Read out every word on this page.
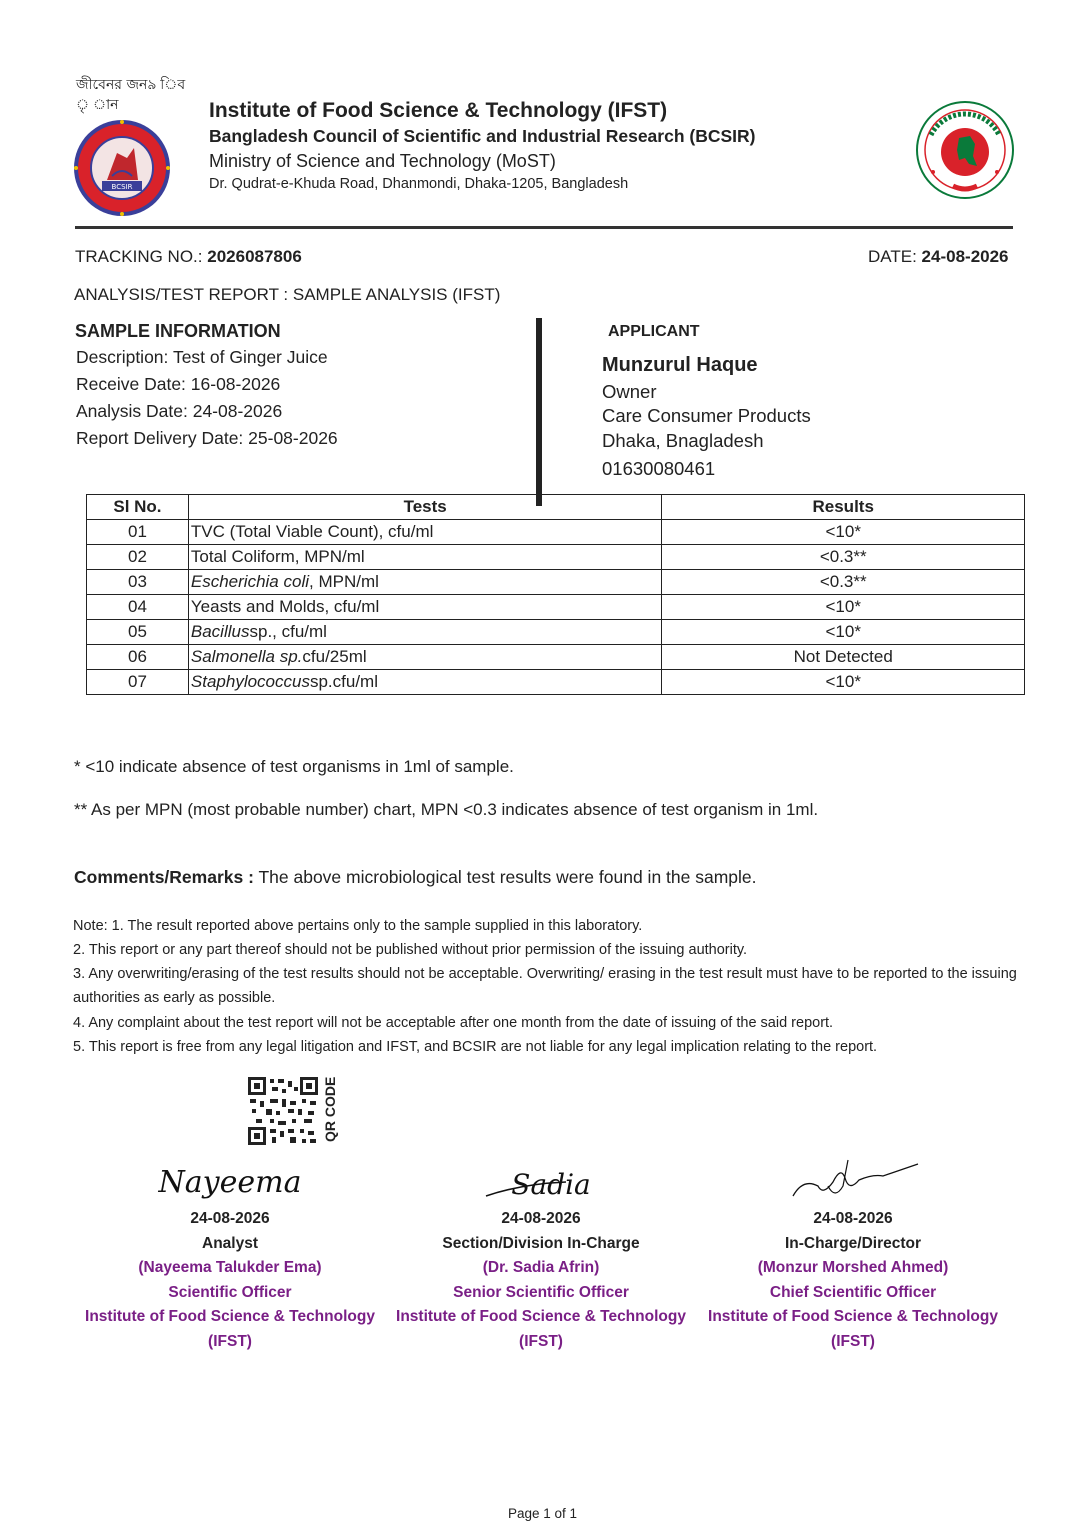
জীবেনর জন৯ িব ৃ ান
BCSIR
Institute of Food Science & Technology (IFST)
Bangladesh Council of Scientific and Industrial Research (BCSIR)
Ministry of Science and Technology (MoST)
Dr. Qudrat-e-Khuda Road, Dhanmondi, Dhaka-1205, Bangladesh
TRACKING NO.: 2026087806	DATE: 24-08-2026
ANALYSIS/TEST REPORT : SAMPLE ANALYSIS (IFST)
SAMPLE INFORMATION
Description: Test of Ginger Juice
Receive Date: 16-08-2026
Analysis Date: 24-08-2026
Report Delivery Date: 25-08-2026
APPLICANT
Munzurul Haque
Owner
Care Consumer Products
Dhaka, Bnagladesh
01630080461
Sl No.	Tests	Results
01	TVC (Total Viable Count), cfu/ml	<10*
02	Total Coliform, MPN/ml	<0.3**
03	Escherichia coli, MPN/ml	<0.3**
04	Yeasts and Molds, cfu/ml	<10*
05	Bacillussp., cfu/ml	<10*
06	Salmonella sp.cfu/25ml	Not Detected
07	Staphylococcussp.cfu/ml	<10*
* <10 indicate absence of test organisms in 1ml of sample.
** As per MPN (most probable number) chart, MPN <0.3 indicates absence of test organism in 1ml.
Comments/Remarks : The above microbiological test results were found in the sample.
Note: 1. The result reported above pertains only to the sample supplied in this laboratory.
2. This report or any part thereof should not be published without prior permission of the issuing authority.
3. Any overwriting/erasing of the test results should not be acceptable. Overwriting/ erasing in the test result must have to be reported to the issuing authorities as early as possible.
4. Any complaint about the test report will not be acceptable after one month from the date of issuing of the said report.
5. This report is free from any legal litigation and IFST, and BCSIR are not liable for any legal implication relating to the report.
QR CODE
Nayeema
24-08-2026
Analyst
(Nayeema Talukder Ema)
Scientific Officer
Institute of Food Science & Technology
(IFST)
Sadia
24-08-2026
Section/Division In-Charge
(Dr. Sadia Afrin)
Senior Scientific Officer
Institute of Food Science & Technology
(IFST)
24-08-2026
In-Charge/Director
(Monzur Morshed Ahmed)
Chief Scientific Officer
Institute of Food Science & Technology
(IFST)
Page 1 of 1
